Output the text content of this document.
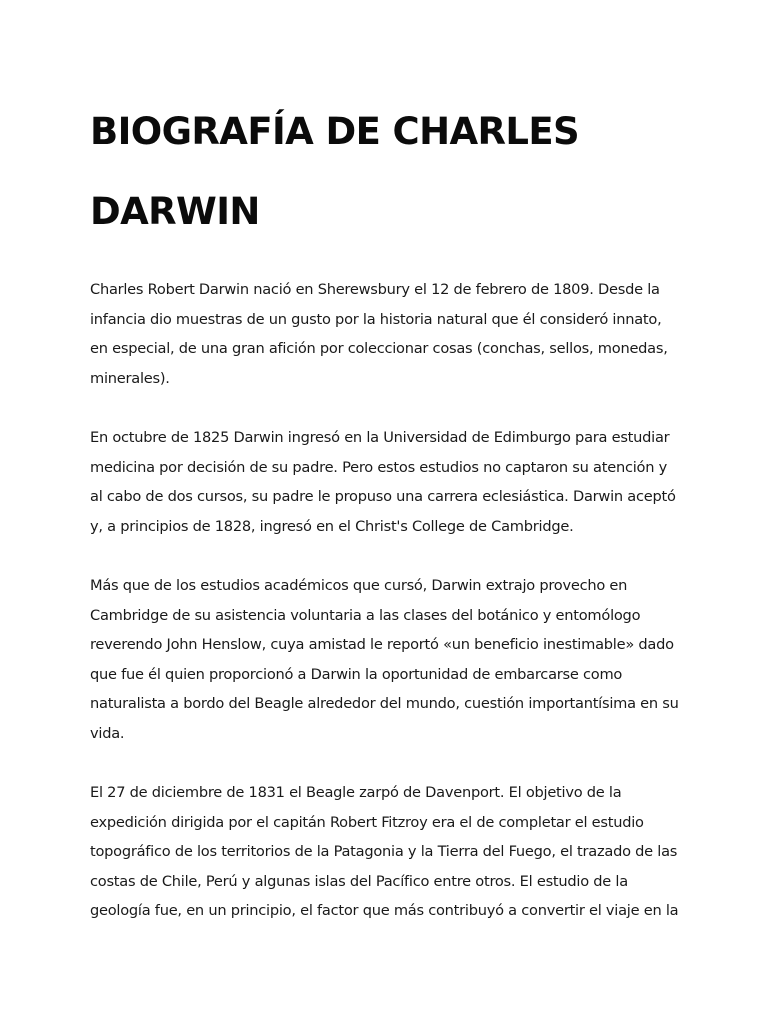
BIOGRAFÍA DE CHARLES DARWIN

Charles Robert Darwin nació en Sherewsbury el 12 de febrero de 1809. Desde la infancia dio muestras de un gusto por la historia natural que él consideró innato, en especial, de una gran afición por coleccionar cosas (conchas, sellos, monedas, minerales).

En octubre de 1825 Darwin ingresó en la Universidad de Edimburgo para estudiar medicina por decisión de su padre. Pero estos estudios no captaron su atención y al cabo de dos cursos, su padre le propuso una carrera eclesiástica. Darwin aceptó y, a principios de 1828, ingresó en el Christ's College de Cambridge.

Más que de los estudios académicos que cursó, Darwin extrajo provecho en Cambridge de su asistencia voluntaria a las clases del botánico y entomólogo reverendo John Henslow, cuya amistad le reportó «un beneficio inestimable» dado que fue él quien proporcionó a Darwin la oportunidad de embarcarse como naturalista a bordo del Beagle alrededor del mundo, cuestión importantísima en su vida.

El 27 de diciembre de 1831 el Beagle zarpó de Davenport. El objetivo de la expedición dirigida por el capitán Robert Fitzroy era el de completar el estudio topográfico de los territorios de la Patagonia y la Tierra del Fuego, el trazado de las costas de Chile, Perú y algunas islas del Pacífico entre otros. El estudio de la geología fue, en un principio, el factor que más contribuyó a convertir el viaje en la
